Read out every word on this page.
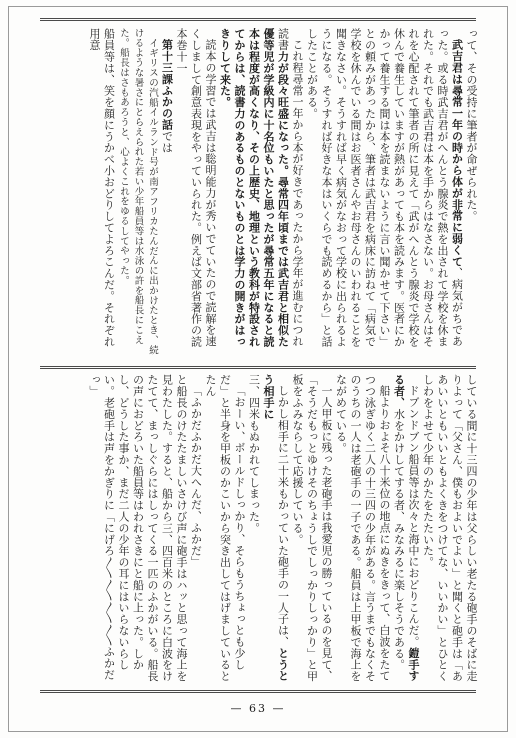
って、その受持に筆者が命ぜられた。

武吉君は尋常一年の時から体が非常に弱くて、病気がちであった。或る時武吉君がへんとう腺炎で熱を出されて学校を休まれた。それでも武吉君は本を手からはなさない。お母さんはそれを心配されて筆者の所に見えて「武がへんとう腺炎で学校を休んで養生していますが熱があっても本を読みます。医者にかかって養生する間は本を読まないように言い聞かせて下さい」との頼みがあったから、筆者は武吉君を病床に訪ねて「病気で学校を休んでいる間はお医者さんやお母さんのいわれることを聞きなさい。そうすれば早く病気がなおって学校に出られるようになる。そうすれば好きな本はいくらでも読めるから」と話したことがある。

これ程尋常一年から本が好きであったから学年が進むにつれ読書力が段々旺盛になった。尋常四年頃までは武吉君と相似た優等児が学級内に十名位もいたと思ったが尋常五年になると読本は程度が高くなり、その上歴史、地理という教科が特設されてからは、読書力のあるものとないものとは学力の開きがはっきりして来た。

読本の学習では武吉は聡明能力が秀いでていたので読解を速くしまして創意表現をやっていられた。例えば文部省著作の読本巻十一

第十三課ふかの話では

イギリスの汽船イルランド号が南アフリカたんだんに出かけたとき、続けるような暑さにとらえられた若い少年船員等は水泳の許を船長にこえた。船長はさもあろうと、心よくこれをゆるしてやった。

船員等は、笑を顔にうかべ小おどりしてよろこんだ。それぞれ用意

している間に十三四の少年は父らしい老たる砲手のそばに走りよって「父さん、僕もおよいでよい」と聞くと砲手は「ああいいともいいともよくきをつけてな、いいかい」とひとくしわをよせて少年のかたをたたいた。

ドブンドブン船員等は次々と海中におどりこんだ。鎧手する者、水をかけしてする者、みなみるに楽しそうである。

船よりおよそ八十米位の地点にぬきをきって、白波をたてつつ泳ぎゆく二人の十三四の少年がある。言うまでもなくそのうちの一人は老砲手の一子である。船員は上甲板で海上をながめている。

一人甲板に残った老砲手は我愛児の勝っているのを見て、「そうだもっとゆけそのちょうしでしっかりしっかり」と甲板をふみならして応援している。

しかし相手に二十米もかっていた砲手の一人子は、とうとう相手に

三、四米もぬかれてしまった。

「おーい、ボールドしっかり、そらもうちょっとも少しだ」と半身を甲板のかこいから突き出してはげましているとたん

「ふかだふかだ大へんだ、ふかだ」

と船長のけたたましいさけび声に砲手はハッと思って海上を見わたした。すると、船から三、四百米のところに白波をけたてて、まっしぐらにはしってくる一匹のふかがいる。船長の声におどろいた船員等はわれさきにと船に上った。しかし、どうした事か、まだ二人の少年の耳にはいらないらしい。老砲手は声をかぎりに「にげろ〳〵〳〵〳〵〳〵ふかだっ」

— 63 —
